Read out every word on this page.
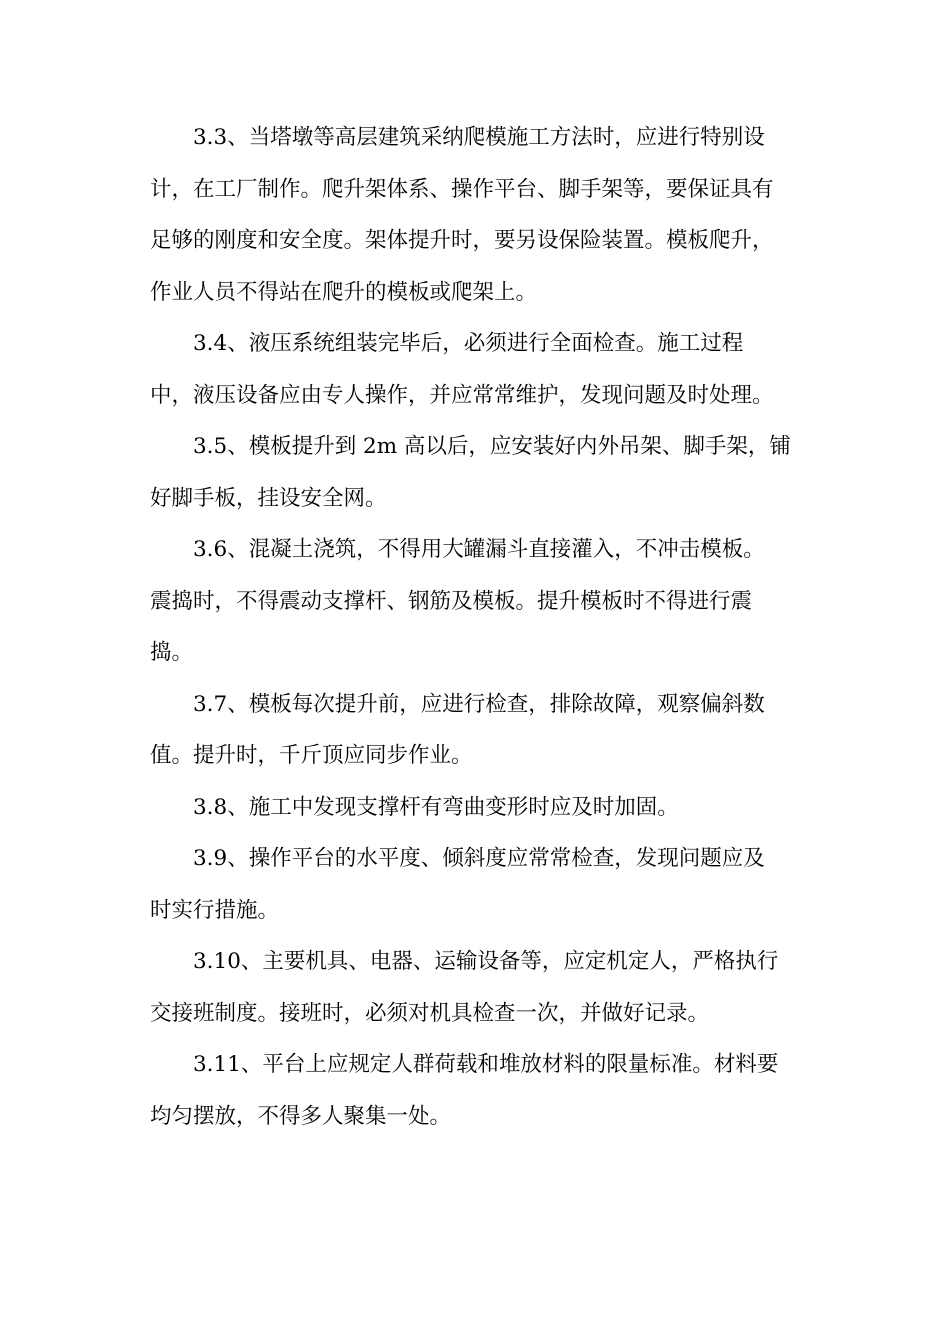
3.3、当塔墩等高层建筑采纳爬模施工方法时，应进行特别设
计，在工厂制作。爬升架体系、操作平台、脚手架等，要保证具有
足够的刚度和安全度。架体提升时，要另设保险装置。模板爬升，
作业人员不得站在爬升的模板或爬架上。
3.4、液压系统组装完毕后，必须进行全面检查。施工过程
中，液压设备应由专人操作，并应常常维护，发现问题及时处理。
3.5、模板提升到 2m 高以后，应安装好内外吊架、脚手架，铺
好脚手板，挂设安全网。
3.6、混凝土浇筑，不得用大罐漏斗直接灌入，不冲击模板。
震捣时，不得震动支撑杆、钢筋及模板。提升模板时不得进行震
捣。
3.7、模板每次提升前，应进行检查，排除故障，观察偏斜数
值。提升时，千斤顶应同步作业。
3.8、施工中发现支撑杆有弯曲变形时应及时加固。
3.9、操作平台的水平度、倾斜度应常常检查，发现问题应及
时实行措施。
3.10、主要机具、电器、运输设备等，应定机定人，严格执行
交接班制度。接班时，必须对机具检查一次，并做好记录。
3.11、平台上应规定人群荷载和堆放材料的限量标准。材料要
均匀摆放，不得多人聚集一处。
